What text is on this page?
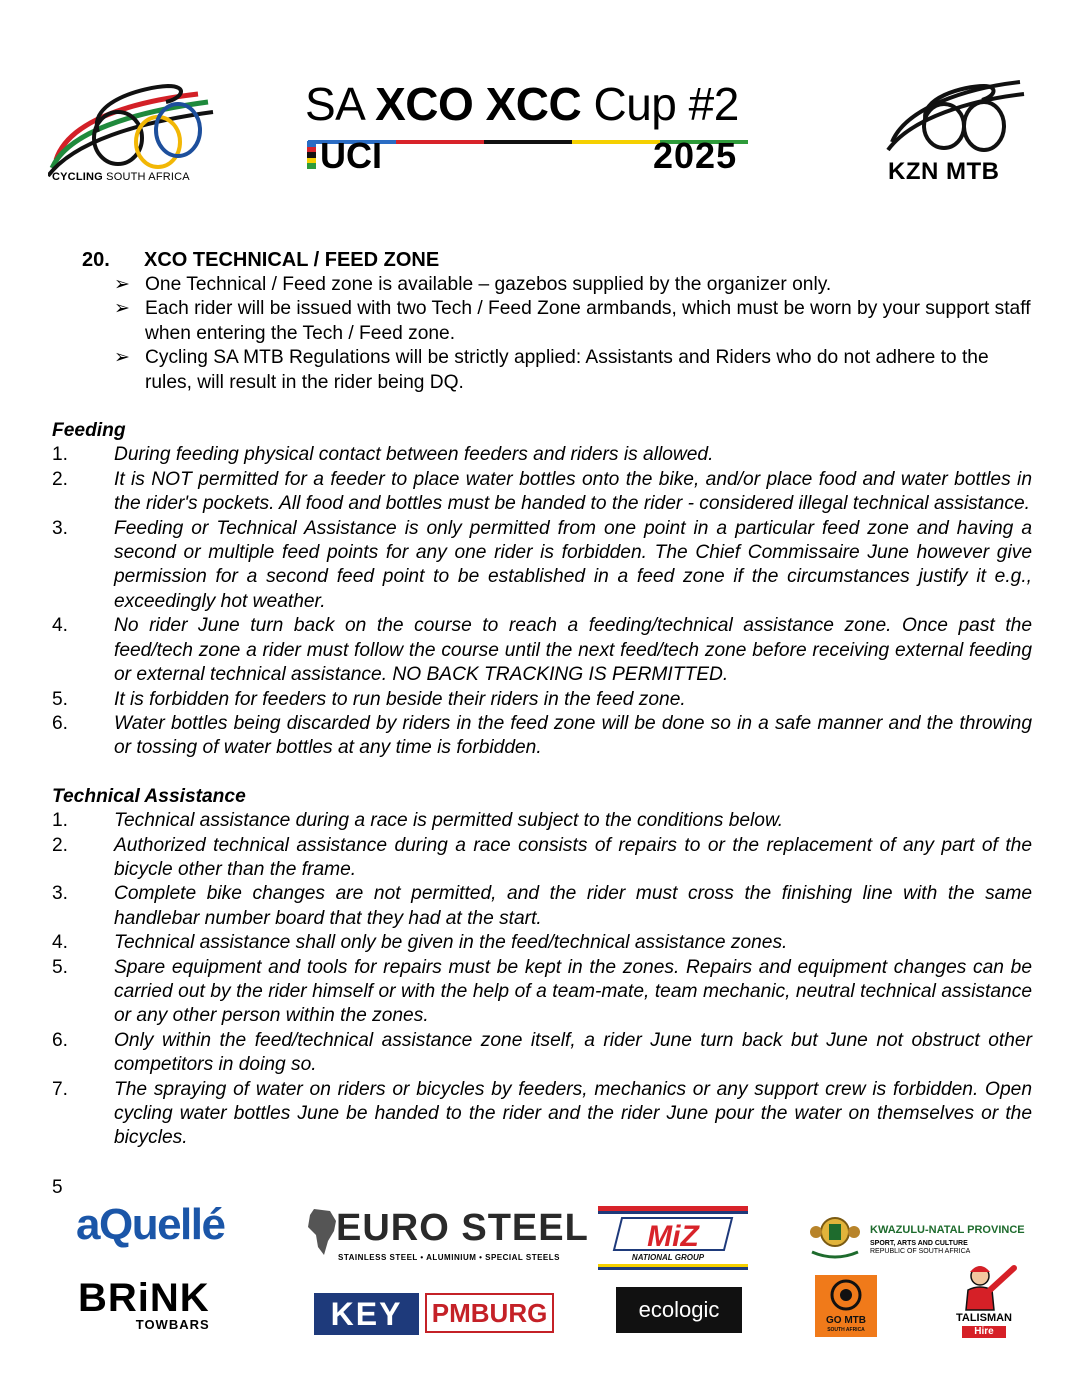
CYCLING SOUTH AFRICA
SA XCO XCC Cup #2
UCI	2025	KZN MTB
20.	XCO TECHNICAL / FEED ZONE
➢ One Technical / Feed zone is available – gazebos supplied by the organizer only.
➢ Each rider will be issued with two Tech / Feed Zone armbands, which must be worn by your support staff when entering the Tech / Feed zone.
➢ Cycling SA MTB Regulations will be strictly applied: Assistants and Riders who do not adhere to the rules, will result in the rider being DQ.
Feeding
1.	During feeding physical contact between feeders and riders is allowed.
2.	It is NOT permitted for a feeder to place water bottles onto the bike, and/or place food and water bottles in the rider's pockets. All food and bottles must be handed to the rider - considered illegal technical assistance.
3.	Feeding or Technical Assistance is only permitted from one point in a particular feed zone and having a second or multiple feed points for any one rider is forbidden. The Chief Commissaire June however give permission for a second feed point to be established in a feed zone if the circumstances justify it e.g., exceedingly hot weather.
4.	No rider June turn back on the course to reach a feeding/technical assistance zone. Once past the feed/tech zone a rider must follow the course until the next feed/tech zone before receiving external feeding or external technical assistance. NO BACK TRACKING IS PERMITTED.
5.	It is forbidden for feeders to run beside their riders in the feed zone.
6.	Water bottles being discarded by riders in the feed zone will be done so in a safe manner and the throwing or tossing of water bottles at any time is forbidden.
Technical Assistance
1.	Technical assistance during a race is permitted subject to the conditions below.
2.	Authorized technical assistance during a race consists of repairs to or the replacement of any part of the bicycle other than the frame.
3.	Complete bike changes are not permitted, and the rider must cross the finishing line with the same handlebar number board that they had at the start.
4.	Technical assistance shall only be given in the feed/technical assistance zones.
5.	Spare equipment and tools for repairs must be kept in the zones. Repairs and equipment changes can be carried out by the rider himself or with the help of a team-mate, team mechanic, neutral technical assistance or any other person within the zones.
6.	Only within the feed/technical assistance zone itself, a rider June turn back but June not obstruct other competitors in doing so.
7.	The spraying of water on riders or bicycles by feeders, mechanics or any support crew is forbidden. Open cycling water bottles June be handed to the rider and the rider June pour the water on themselves or the bicycles.
5
aQuellé	EURO STEEL
STAINLESS STEEL • ALUMINIUM • SPECIAL STEELS
MiZ
NATIONAL GROUP
KWAZULU-NATAL PROVINCE
SPORT, ARTS AND CULTURE
REPUBLIC OF SOUTH AFRICA
BRiNK
TOWBARS	KEY	PMBURG	ecologic	GO MTB
SOUTH AFRICA
TALISMAN
Hire
